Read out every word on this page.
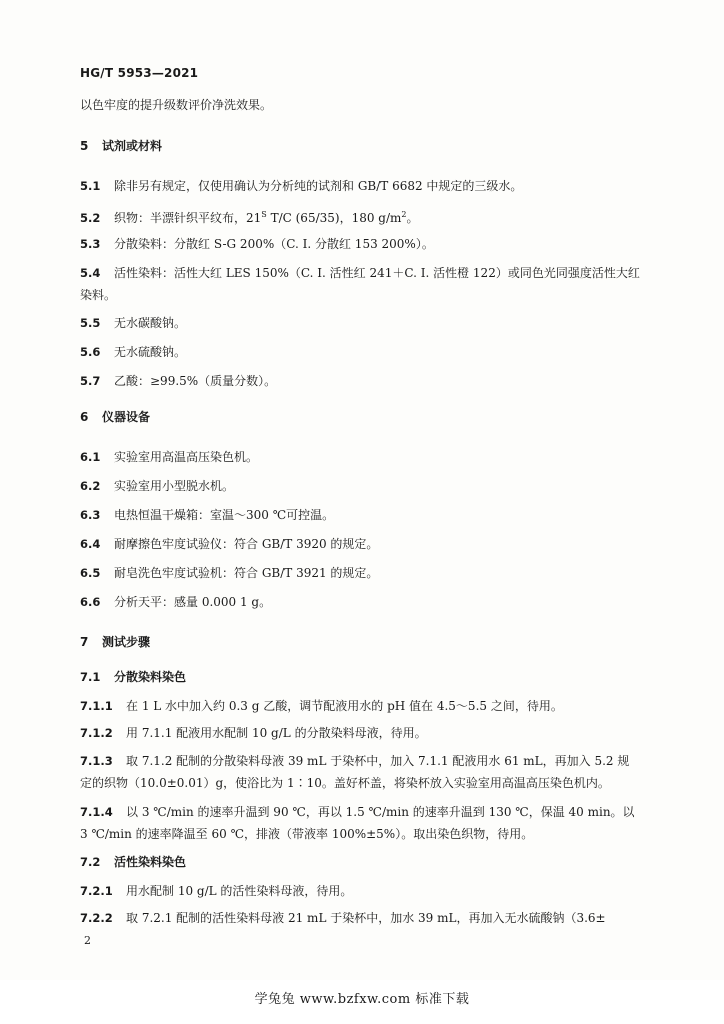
HG/T 5953—2021
以色牢度的提升级数评价净洗效果。
5 试剂或材料
5.1 除非另有规定，仅使用确认为分析纯的试剂和 GB/T 6682 中规定的三级水。
5.2 织物：半漂针织平纹布，$21^S$ T/C (65/35)，180 $g/m^2$。
5.3 分散染料：分散红 S-G 200%（C. I. 分散红 153 200%）。
5.4 活性染料：活性大红 LES 150%（C. I. 活性红 241＋C. I. 活性橙 122）或同色光同强度活性大红
染料。
5.5 无水碳酸钠。
5.6 无水硫酸钠。
5.7 乙酸：≥99.5%（质量分数）。
6 仪器设备
6.1 实验室用高温高压染色机。
6.2 实验室用小型脱水机。
6.3 电热恒温干燥箱：室温～300 ℃可控温。
6.4 耐摩擦色牢度试验仪：符合 GB/T 3920 的规定。
6.5 耐皂洗色牢度试验机：符合 GB/T 3921 的规定。
6.6 分析天平：感量 0.000 1 g。
7 测试步骤
7.1 分散染料染色
7.1.1 在 1 L 水中加入约 0.3 g 乙酸，调节配液用水的 pH 值在 4.5～5.5 之间，待用。
7.1.2 用 7.1.1 配液用水配制 10 g/L 的分散染料母液，待用。
7.1.3 取 7.1.2 配制的分散染料母液 39 mL 于染杯中，加入 7.1.1 配液用水 61 mL，再加入 5.2 规
定的织物（10.0±0.01）g，使浴比为 1∶10。盖好杯盖，将染杯放入实验室用高温高压染色机内。
7.1.4 以 3 ℃/min 的速率升温到 90 ℃，再以 1.5 ℃/min 的速率升温到 130 ℃，保温 40 min。以
3 ℃/min 的速率降温至 60 ℃，排液（带液率 100%±5%）。取出染色织物，待用。
7.2 活性染料染色
7.2.1 用水配制 10 g/L 的活性染料母液，待用。
7.2.2 取 7.2.1 配制的活性染料母液 21 mL 于染杯中，加水 39 mL，再加入无水硫酸钠（3.6±
2
学兔兔 www.bzfxw.com 标准下载
